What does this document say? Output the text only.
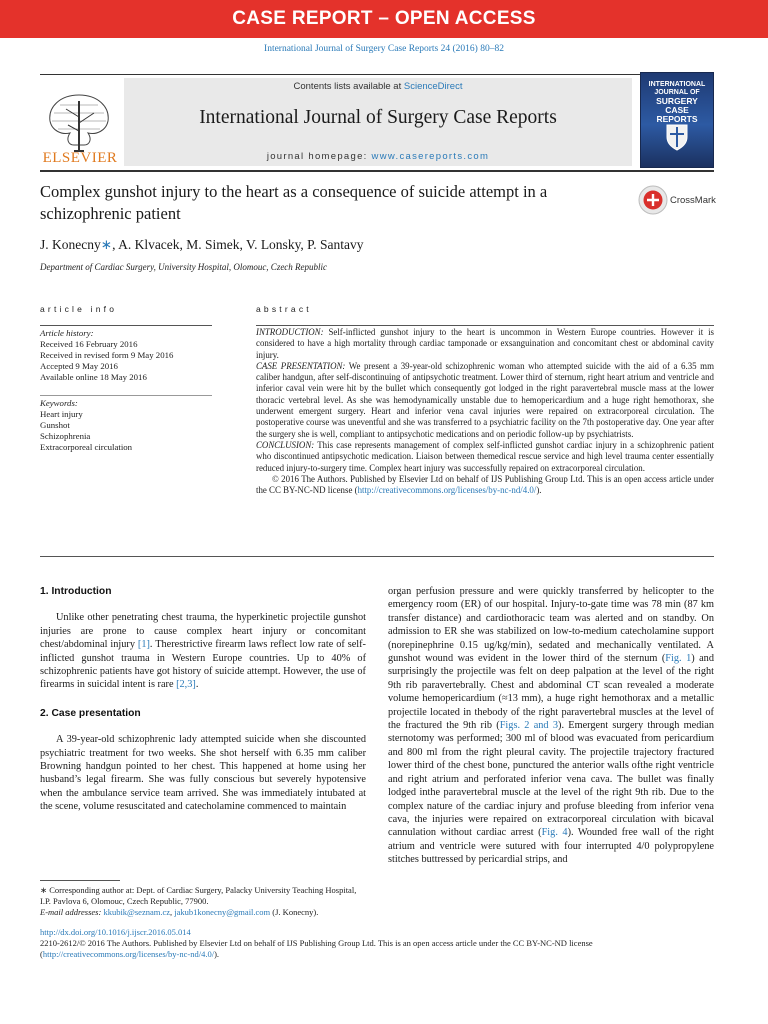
CASE REPORT – OPEN ACCESS
International Journal of Surgery Case Reports 24 (2016) 80–82
ELSEVIER
Contents lists available at ScienceDirect
International Journal of Surgery Case Reports
journal homepage: www.casereports.com
INTERNATIONAL
JOURNAL OF
SURGERY
CASE
REPORTS
Complex gunshot injury to the heart as a consequence of suicide attempt in a schizophrenic patient
CrossMark
J. Konecny∗, A. Klvacek, M. Simek, V. Lonsky, P. Santavy
Department of Cardiac Surgery, University Hospital, Olomouc, Czech Republic
article info	abstract
Article history:
Received 16 February 2016
Received in revised form 9 May 2016
Accepted 9 May 2016
Available online 18 May 2016
Keywords:
Heart injury
Gunshot
Schizophrenia
Extracorporeal circulation

INTRODUCTION: Self-inflicted gunshot injury to the heart is uncommon in Western Europe countries. However it is considered to have a high mortality through cardiac tamponade or exsanguination and concomitant chest or abdominal cavity injury.

CASE PRESENTATION: We present a 39-year-old schizophrenic woman who attempted suicide with the aid of a 6.35 mm caliber handgun, after self-discontinuing of antipsychotic treatment. Lower third of sternum, right heart atrium and ventricle and inferior caval vein were hit by the bullet which consequently got lodged in the right paravertebral muscle mass at the lower thoracic vertebral level. As she was hemodynamically unstable due to hemopericardium and a huge right hemothorax, she underwent emergent surgery. Heart and inferior vena caval injuries were repaired on extracorporeal circulation. The postoperative course was uneventful and she was transferred to a psychiatric facility on the 7th postoperative day. One year after the surgery she is well, compliant to antipsychotic medications and on periodic follow-up by psychiatrists.

CONCLUSION: This case represents management of complex self-inflicted gunshot cardiac injury in a schizophrenic patient who discontinued antipsychotic medication. Liaison between themedical rescue service and high level trauma center essentially reduced injury-to-surgery time. Complex heart injury was successfully repaired on extracorporeal circulation.

© 2016 The Authors. Published by Elsevier Ltd on behalf of IJS Publishing Group Ltd. This is an open access article under the CC BY-NC-ND license (http://creativecommons.org/licenses/by-nc-nd/4.0/).

1. Introduction

Unlike other penetrating chest trauma, the hyperkinetic projectile gunshot injuries are prone to cause complex heart injury or concomitant chest/abdominal injury [1]. Therestrictive firearm laws reflect low rate of self-inflicted gunshot trauma in Western Europe countries. Up to 40% of schizophrenic patients have got history of suicide attempt. However, the use of firearms in suicidal intent is rare [2,3].

2. Case presentation

A 39-year-old schizophrenic lady attempted suicide when she discounted psychiatric treatment for two weeks. She shot herself with 6.35 mm caliber Browning handgun pointed to her chest. This happened at home using her husband’s legal firearm. She was fully conscious but severely hypotensive when the ambulance service team arrived. She was immediately intubated at the scene, volume resuscitated and catecholamine commenced to maintain

organ perfusion pressure and were quickly transferred by helicopter to the emergency room (ER) of our hospital. Injury-to-gate time was 78 min (87 km transfer distance) and cardiothoracic team was alerted and on standby. On admission to ER she was stabilized on low-to-medium catecholamine support (norepinephrine 0.15 ug/kg/min), sedated and mechanically ventilated. A gunshot wound was evident in the lower third of the sternum (Fig. 1) and surprisingly the projectile was felt on deep palpation at the level of the right 9th rib paravertebrally. Chest and abdominal CT scan revealed a moderate volume hemopericardium (≈13 mm), a huge right hemothorax and a metallic projectile located in thebody of the right paravertebral muscles at the level of the fractured the 9th rib (Figs. 2 and 3). Emergent surgery through median sternotomy was performed; 300 ml of blood was evacuated from pericardium and 800 ml from the right pleural cavity. The projectile trajectory fractured lower third of the chest bone, punctured the anterior walls ofthe right ventricle and right atrium and perforated inferior vena cava. The bullet was finally lodged inthe paravertebral muscle at the level of the right 9th rib. Due to the complex nature of the cardiac injury and profuse bleeding from inferior vena cava, the injuries were repaired on extracorporeal circulation with bicaval cannulation without cardiac arrest (Fig. 4). Wounded free wall of the right atrium and ventricle were sutured with four interrupted 4/0 polypropylene stitches buttressed by pericardial strips, and

∗ Corresponding author at: Dept. of Cardiac Surgery, Palacky University Teaching Hospital, I.P. Pavlova 6, Olomouc, Czech Republic, 77900.
E-mail addresses: kkubik@seznam.cz, jakub1konecny@gmail.com (J. Konecny).
http://dx.doi.org/10.1016/j.ijscr.2016.05.014
2210-2612/© 2016 The Authors. Published by Elsevier Ltd on behalf of IJS Publishing Group Ltd. This is an open access article under the CC BY-NC-ND license (http://creativecommons.org/licenses/by-nc-nd/4.0/).
